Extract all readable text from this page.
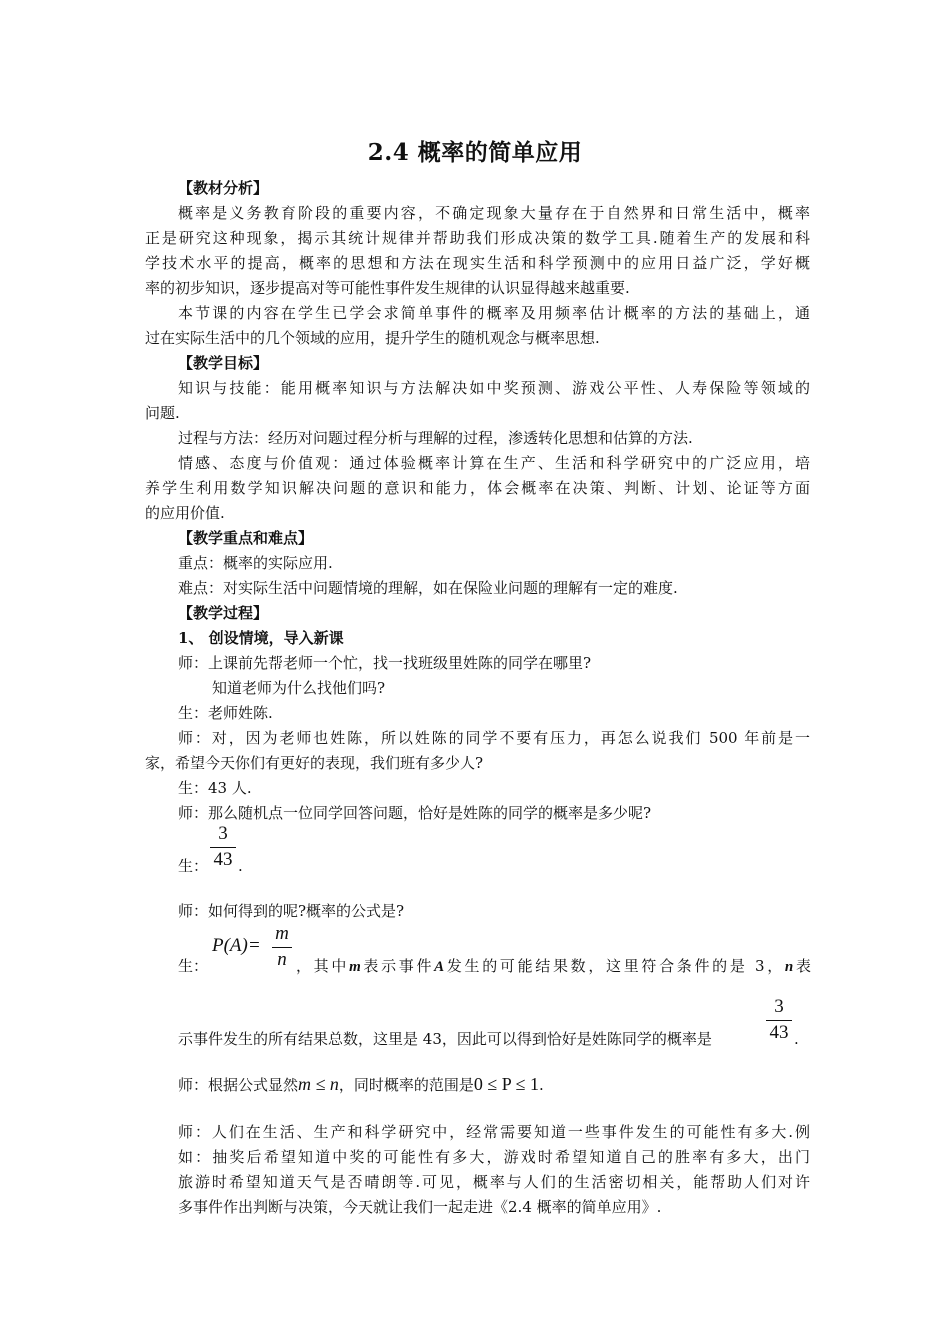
2.4 概率的简单应用
【教材分析】
概率是义务教育阶段的重要内容，不确定现象大量存在于自然界和日常生活中，概率
正是研究这种现象，揭示其统计规律并帮助我们形成决策的数学工具.随着生产的发展和科
学技术水平的提高，概率的思想和方法在现实生活和科学预测中的应用日益广泛，学好概
率的初步知识，逐步提高对等可能性事件发生规律的认识显得越来越重要.
本节课的内容在学生已学会求简单事件的概率及用频率估计概率的方法的基础上，通
过在实际生活中的几个领域的应用，提升学生的随机观念与概率思想.
【教学目标】
知识与技能：能用概率知识与方法解决如中奖预测、游戏公平性、人寿保险等领域的
问题.
过程与方法：经历对问题过程分析与理解的过程，渗透转化思想和估算的方法.
情感、态度与价值观：通过体验概率计算在生产、生活和科学研究中的广泛应用，培
养学生利用数学知识解决问题的意识和能力，体会概率在决策、判断、计划、论证等方面
的应用价值.
【教学重点和难点】
重点：概率的实际应用.
难点：对实际生活中问题情境的理解，如在保险业问题的理解有一定的难度.
【教学过程】
1、 创设情境，导入新课
师：上课前先帮老师一个忙，找一找班级里姓陈的同学在哪里?
知道老师为什么找他们吗?
生：老师姓陈.
师：对，因为老师也姓陈，所以姓陈的同学不要有压力，再怎么说我们 500 年前是一
家，希望今天你们有更好的表现，我们班有多少人?
生：43 人.
师：那么随机点一位同学回答问题，恰好是姓陈的同学的概率是多少呢?
生：
3
43 .
师：如何得到的呢?概率的公式是?
生：
P(A)=
m
n ，其中m表示事件A发生的可能结果数，这里符合条件的是 3，n表
示事件发生的所有结果总数，这里是 43，因此可以得到恰好是姓陈同学的概率是
3
43 .
师：根据公式显然m ≤ n，同时概率的范围是0 ≤ P ≤ 1.
师：人们在生活、生产和科学研究中，经常需要知道一些事件发生的可能性有多大.例
如：抽奖后希望知道中奖的可能性有多大，游戏时希望知道自己的胜率有多大，出门
旅游时希望知道天气是否晴朗等.可见，概率与人们的生活密切相关，能帮助人们对许
多事件作出判断与决策，今天就让我们一起走进《2.4 概率的简单应用》.
